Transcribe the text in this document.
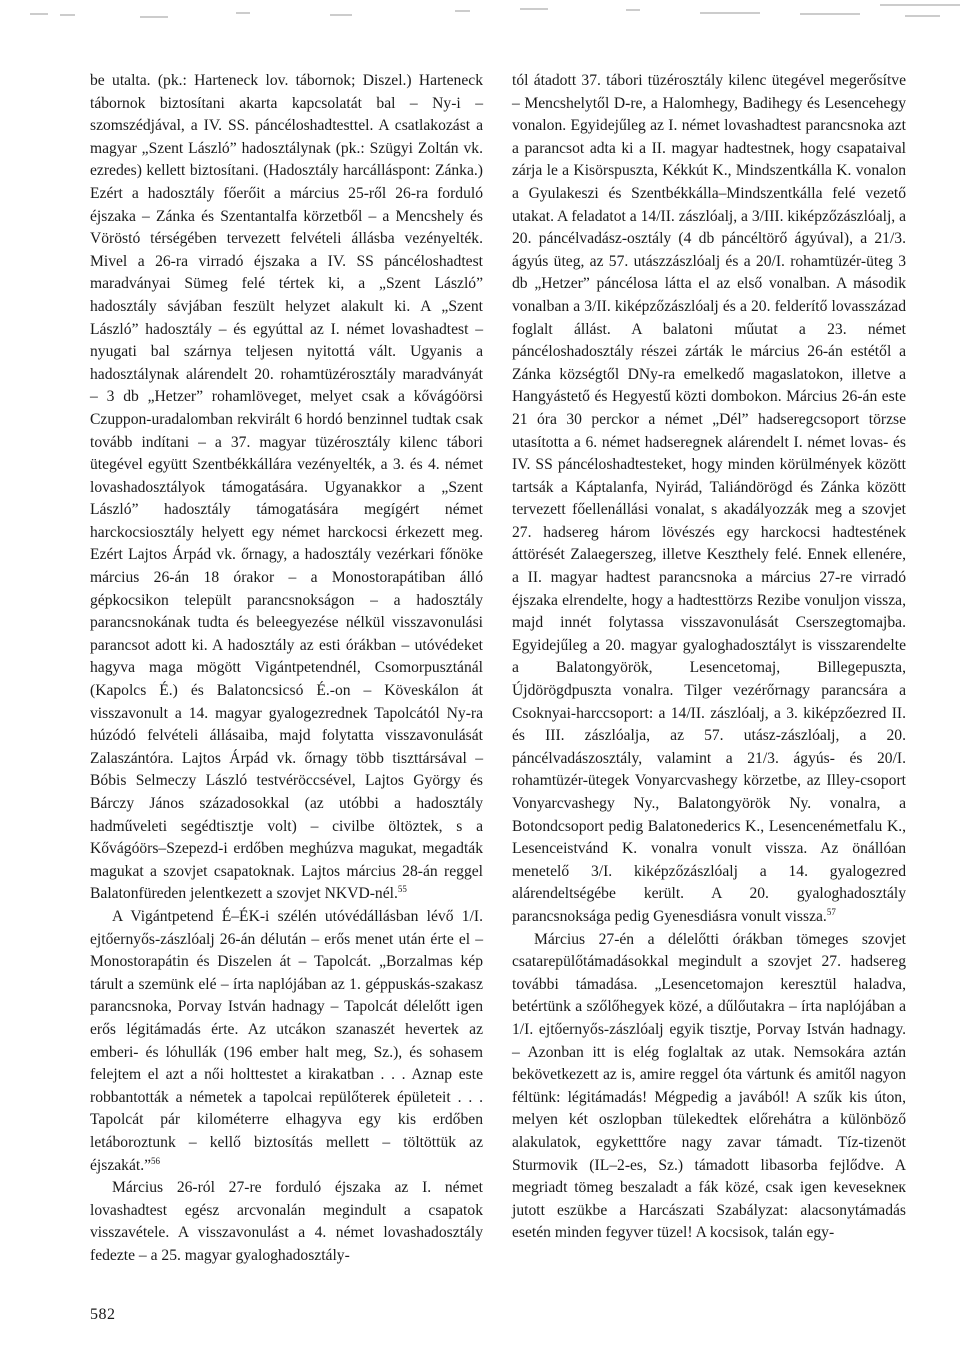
be utalta. (pk.: Harteneck lov. tábornok; Diszel.) Harteneck tábornok biztosítani akarta kapcsolatát bal – Ny-i – szomszédjával, a IV. SS. páncéloshadtesttel. A csatlakozást a magyar „Szent László” hadosztálynak (pk.: Szügyi Zoltán vk. ezredes) kellett biztosítani. (Hadosztály harcálláspont: Zánka.) Ezért a hadosztály főerőit a március 25-ről 26-ra forduló éjszaka – Zánka és Szentantalfa körzetből – a Mencshely és Vöröstó térségében tervezett felvételi állásba vezényelték. Mivel a 26-ra virradó éjszaka a IV. SS páncéloshadtest maradványai Sümeg felé tértek ki, a „Szent László” hadosztály sávjában feszült helyzet alakult ki. A „Szent László” hadosztály – és egyúttal az I. német lovashadtest – nyugati bal szárnya teljesen nyitottá vált. Ugyanis a hadosztálynak alárendelt 20. rohamtüzérosztály maradványát – 3 db „Hetzer” rohamlöveget, melyet csak a kővágóörsi Czuppon-uradalomban rekvirált 6 hordó benzinnel tudtak csak tovább indítani – a 37. magyar tüzérosztály kilenc tábori ütegével együtt Szentbékkállára vezényelték, a 3. és 4. német lovashadosztályok támogatására. Ugyanakkor a „Szent László” hadosztály támogatására megígért német harckocsiosztály helyett egy német harckocsi érkezett meg. Ezért Lajtos Árpád vk. őrnagy, a hadosztály vezérkari főnöke március 26-án 18 órakor – a Monostorapátiban álló gépkocsikon települt parancsnokságon – a hadosztály parancsnokának tudta és beleegyezése nélkül visszavonulási parancsot adott ki. A hadosztály az esti órákban – utóvédeket hagyva maga mögött Vigántpetendnél, Csomorpusztánál (Kapolcs É.) és Balatoncsicsó É.-on – Köveskálon át visszavonult a 14. magyar gyalogezrednek Tapolcától Ny-ra húzódó felvételi állásaiba, majd folytatta visszavonulását Zalaszántóra. Lajtos Árpád vk. őrnagy több tiszttársával – Bóbis Selmeczy László testvéröccsével, Lajtos György és Bárczy János századosokkal (az utóbbi a hadosztály hadműveleti segédtisztje volt) – civilbe öltöztek, s a Kővágóörs–Szepezd-i erdőben meghúzva magukat, megadták magukat a szovjet csapatoknak. Lajtos március 28-án reggel Balatonfüreden jelentkezett a szovjet NKVD-nél.$^{55}$

A Vigántpetend É–ÉK-i szélén utóvédállásban lévő 1/I. ejtőernyős-zászlóalj 26-án délután – erős menet után érte el – Monostorapátin és Diszelen át – Tapolcát. „Borzalmas kép tárult a szemünk elé – írta naplójában az 1. géppuskás-szakasz parancsnoka, Porvay István hadnagy – Tapolcát délelőtt igen erős légitámadás érte. Az utcákon szanaszét hevertek az emberi- és lóhullák (196 ember halt meg, Sz.), és sohasem felejtem el azt a női holttestet a kirakatban . . . Aznap este robbantották a németek a tapolcai repülőterek épületeit . . . Tapolcát pár kilométerre elhagyva egy kis erdőben letáboroztunk – kellő biztosítás mellett – töltöttük az éjszakát.”$^{56}$

Március 26-ról 27-re forduló éjszaka az I. német lovashadtest egész arcvonalán megindult a csapatok visszavétele. A visszavonulást a 4. német lovashadosztály fedezte – a 25. magyar gyaloghadosztály-

tól átadott 37. tábori tüzérosztály kilenc ütegével megerősítve – Mencshelytől D-re, a Halomhegy, Badihegy és Lesencehegy vonalon. Egyidejűleg az I. német lovashadtest parancsnoka azt a parancsot adta ki a II. magyar hadtestnek, hogy csapataival zárja le a Kisörspuszta, Kékkút K., Mindszentkálla K. vonalon a Gyulakeszi és Szentbékkálla–Mindszentkálla felé vezető utakat. A feladatot a 14/II. zászlóalj, a 3/III. kiképzőzászlóalj, a 20. páncélvadász-osztály (4 db páncéltörő ágyúval), a 21/3. ágyús üteg, az 57. utászzászlóalj és a 20/I. rohamtüzér-üteg 3 db „Hetzer” páncélosa látta el az első vonalban. A második vonalban a 3/II. kiképzőzászlóalj és a 20. felderítő lovasszázad foglalt állást. A balatoni műutat a 23. német páncéloshadosztály részei zárták le március 26-án estétől a Zánka községtől DNy-ra emelkedő magaslatokon, illetve a Hangyástető és Hegyestű közti dombokon. Március 26-án este 21 óra 30 perckor a német „Dél” hadseregcsoport törzse utasította a 6. német hadseregnek alárendelt I. német lovas- és IV. SS páncéloshadtesteket, hogy minden körülmények között tartsák a Káptalanfa, Nyirád, Taliándörögd és Zánka között tervezett főellenállási vonalat, s akadályozzák meg a szovjet 27. hadsereg három lövészés egy harckocsi hadtestének áttörését Zalaegerszeg, illetve Keszthely felé. Ennek ellenére, a II. magyar hadtest parancsnoka a március 27-re virradó éjszaka elrendelte, hogy a hadtesttörzs Rezibe vonuljon vissza, majd innét folytassa visszavonulását Cserszegtomajba. Egyidejűleg a 20. magyar gyaloghadosztályt is visszarendelte a Balatongyörök, Lesencetomaj, Billegepuszta, Újdörögdpuszta vonalra. Tilger vezérőrnagy parancsára a Csoknyai-harccsoport: a 14/II. zászlóalj, a 3. kiképzőezred II. és III. zászlóalja, az 57. utász-zászlóalj, a 20. páncélvadászosztály, valamint a 21/3. ágyús- és 20/I. rohamtüzér-ütegek Vonyarcvashegy körzetbe, az Illey-csoport Vonyarcvashegy Ny., Balatongyörök Ny. vonalra, a Botondcsoport pedig Balatonederics K., Lesencenémetfalu K., Lesenceistvánd K. vonalra vonult vissza. Az önállóan menetelő 3/I. kiképzőzászlóalj a 14. gyalogezred alárendeltségébe került. A 20. gyaloghadosztály parancsnoksága pedig Gyenesdiásra vonult vissza.$^{57}$

Március 27-én a délelőtti órákban tömeges szovjet csatarepülőtámadásokkal megindult a szovjet 27. hadsereg további támadása. „Lesencetomajon keresztül haladva, betértünk a szőlőhegyek közé, a dűlőutakra – írta naplójában a 1/I. ejtőernyős-zászlóalj egyik tisztje, Porvay István hadnagy. – Azonban itt is elég foglaltak az utak. Nemsokára aztán bekövetkezett az is, amire reggel óta vártunk és amitől nagyon féltünk: légitámadás! Mégpedig a javából! A szűk kis úton, melyen két oszlopban tülekedtek előrehátra a különböző alakulatok, egyketttőre nagy zavar támadt. Tíz-tizenöt Sturmovik (IL–2-es, Sz.) támadott libasorba fejlődve. A megriadt tömeg beszaladt a fák közé, csak igen kevesekneк jutott eszükbe a Harcászati Szabályzat: alacsonytámadás esetén minden fegyver tüzel! A kocsisok, talán egy-

582
